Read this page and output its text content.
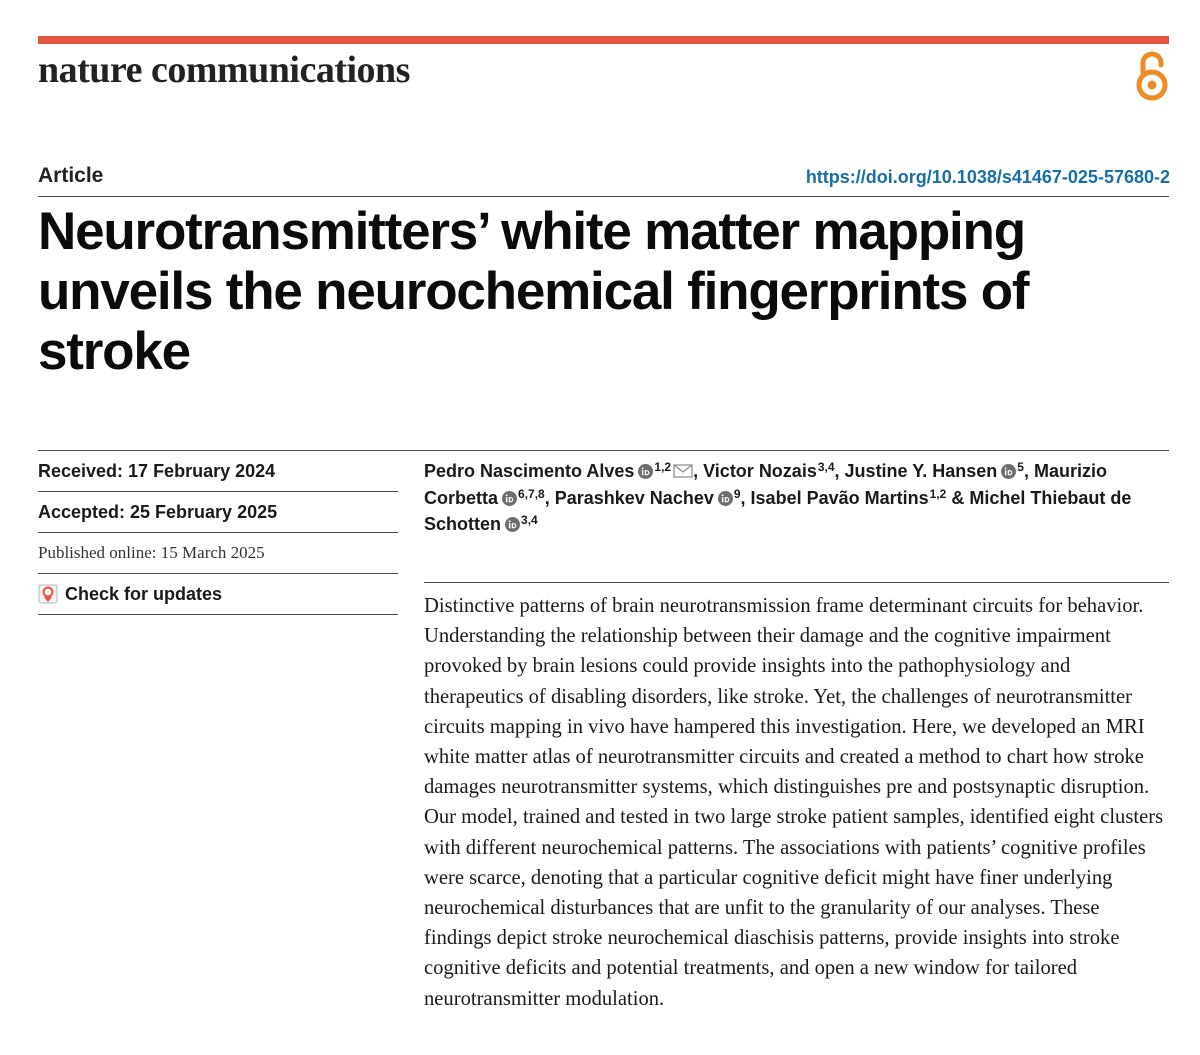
nature communications
Article	https://doi.org/10.1038/s41467-025-57680-2
Neurotransmitters’ white matter mapping unveils the neurochemical fingerprints of stroke
Received: 17 February 2024
Accepted: 25 February 2025
Published online: 15 March 2025
Check for updates
Pedro Nascimento Alves $^{1,2}$ , Victor Nozais$^{3,4}$, Justine Y. Hansen $^5$, Maurizio Corbetta $^{6,7,8}$, Parashkev Nachev $^9$, Isabel Pavão Martins$^{1,2}$ & Michel Thiebaut de Schotten $^{3,4}$

Distinctive patterns of brain neurotransmission frame determinant circuits for behavior. Understanding the relationship between their damage and the cognitive impairment provoked by brain lesions could provide insights into the pathophysiology and therapeutics of disabling disorders, like stroke. Yet, the challenges of neurotransmitter circuits mapping in vivo have hampered this investigation. Here, we developed an MRI white matter atlas of neurotransmitter circuits and created a method to chart how stroke damages neurotransmitter systems, which distinguishes pre and postsynaptic disruption. Our model, trained and tested in two large stroke patient samples, identified eight clusters with different neurochemical patterns. The associations with patients’ cognitive profiles were scarce, denoting that a particular cognitive deficit might have finer underlying neurochemical disturbances that are unfit to the granularity of our analyses. These findings depict stroke neurochemical diaschisis patterns, provide insights into stroke cognitive deficits and potential treatments, and open a new window for tailored neurotransmitter modulation.
